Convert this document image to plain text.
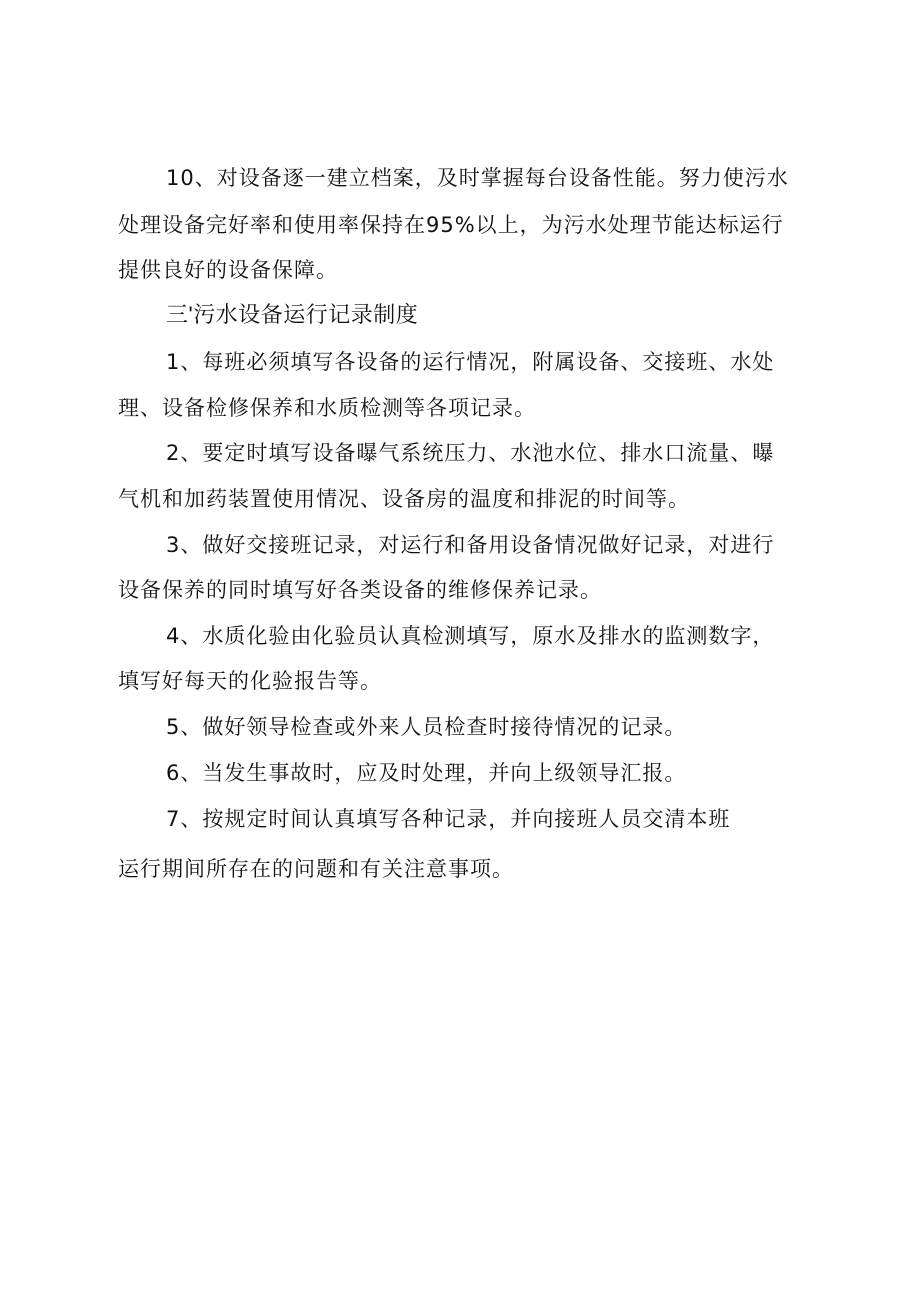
10、对设备逐一建立档案，及时掌握每台设备性能。努力使污水
处理设备完好率和使用率保持在95%以上，为污水处理节能达标运行
提供良好的设备保障。
三'污水设备运行记录制度
1、每班必须填写各设备的运行情况，附属设备、交接班、水处
理、设备检修保养和水质检测等各项记录。
2、要定时填写设备曝气系统压力、水池水位、排水口流量、曝
气机和加药装置使用情况、设备房的温度和排泥的时间等。
3、做好交接班记录，对运行和备用设备情况做好记录，对进行
设备保养的同时填写好各类设备的维修保养记录。
4、水质化验由化验员认真检测填写，原水及排水的监测数字，
填写好每天的化验报告等。
5、做好领导检查或外来人员检查时接待情况的记录。
6、当发生事故时，应及时处理，并向上级领导汇报。
7、按规定时间认真填写各种记录，并向接班人员交清本班
运行期间所存在的问题和有关注意事项。
